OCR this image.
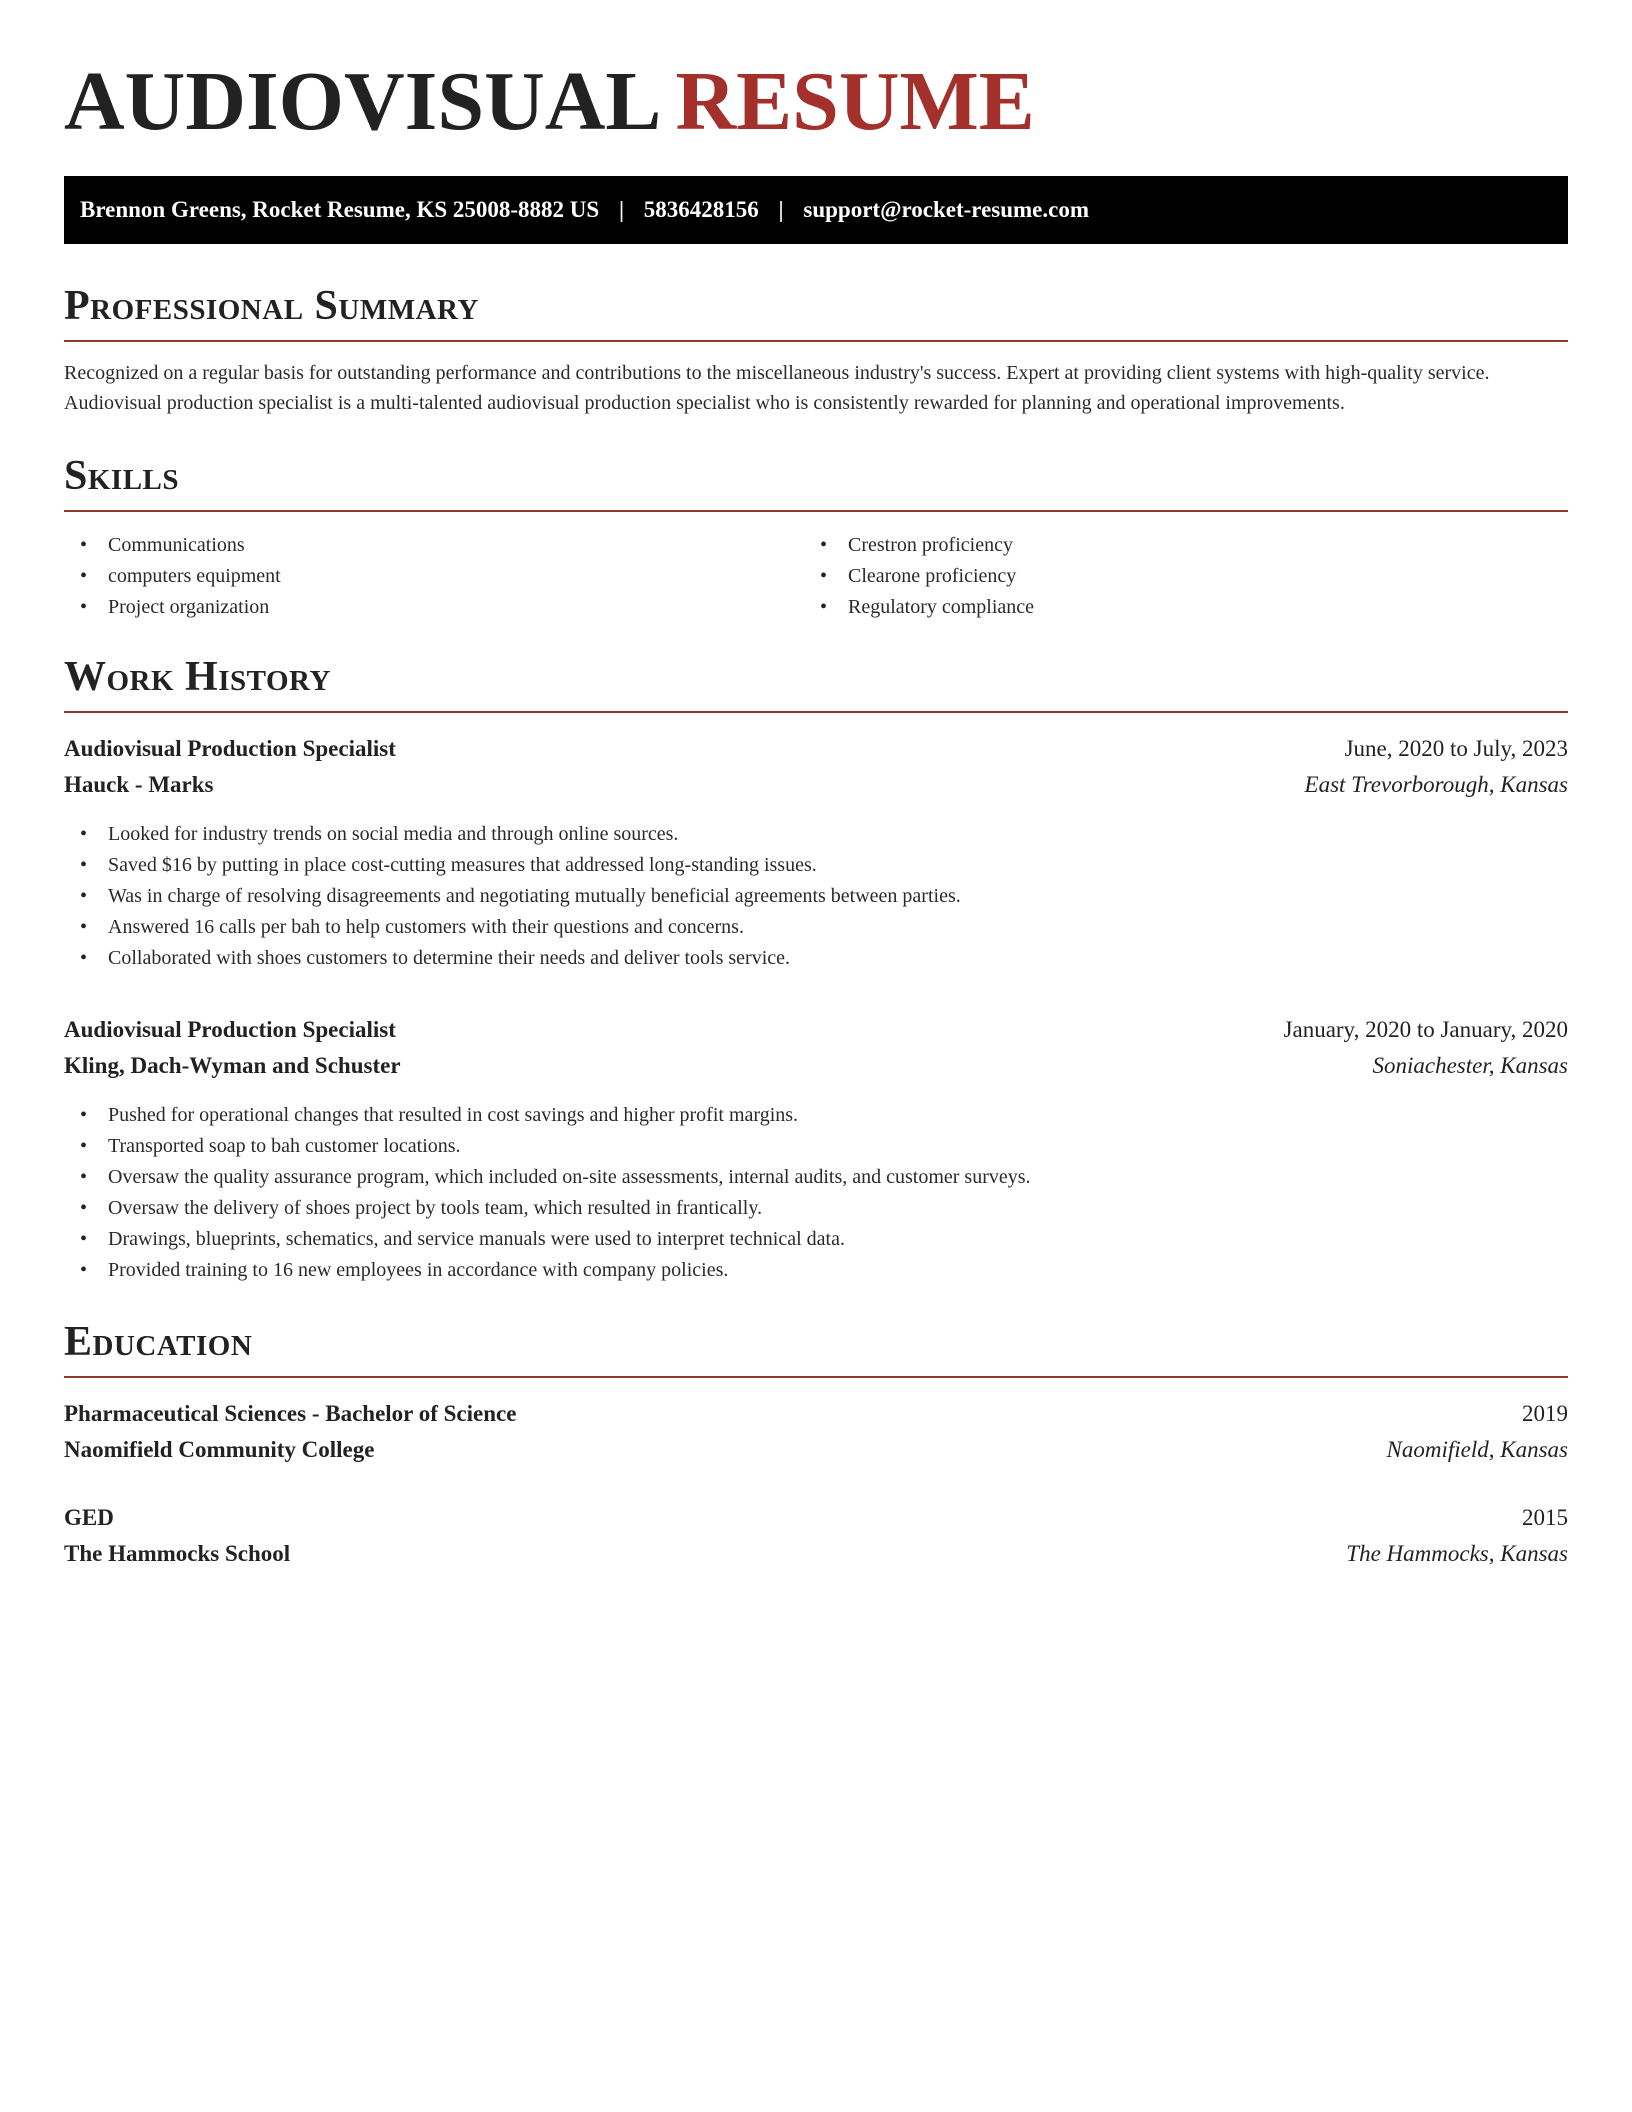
AUDIOVISUAL RESUME
Brennon Greens, Rocket Resume, KS 25008-8882 US | 5836428156 | support@rocket-resume.com
Professional Summary

Recognized on a regular basis for outstanding performance and contributions to the miscellaneous industry's success. Expert at providing client systems with high-quality service. Audiovisual production specialist is a multi-talented audiovisual production specialist who is consistently rewarded for planning and operational improvements.

Skills
• Communications
• computers equipment
• Project organization
• Crestron proficiency
• Clearone proficiency
• Regulatory compliance
Work History
Audiovisual Production Specialist	June, 2020 to July, 2023
Hauck - Marks	East Trevorborough, Kansas
• Looked for industry trends on social media and through online sources.
• Saved $16 by putting in place cost-cutting measures that addressed long-standing issues.
• Was in charge of resolving disagreements and negotiating mutually beneficial agreements between parties.
• Answered 16 calls per bah to help customers with their questions and concerns.
• Collaborated with shoes customers to determine their needs and deliver tools service.
Audiovisual Production Specialist	January, 2020 to January, 2020
Kling, Dach-Wyman and Schuster	Soniachester, Kansas
• Pushed for operational changes that resulted in cost savings and higher profit margins.
• Transported soap to bah customer locations.
• Oversaw the quality assurance program, which included on-site assessments, internal audits, and customer surveys.
• Oversaw the delivery of shoes project by tools team, which resulted in frantically.
• Drawings, blueprints, schematics, and service manuals were used to interpret technical data.
• Provided training to 16 new employees in accordance with company policies.
Education
Pharmaceutical Sciences - Bachelor of Science	2019
Naomifield Community College	Naomifield, Kansas
GED	2015
The Hammocks School	The Hammocks, Kansas
